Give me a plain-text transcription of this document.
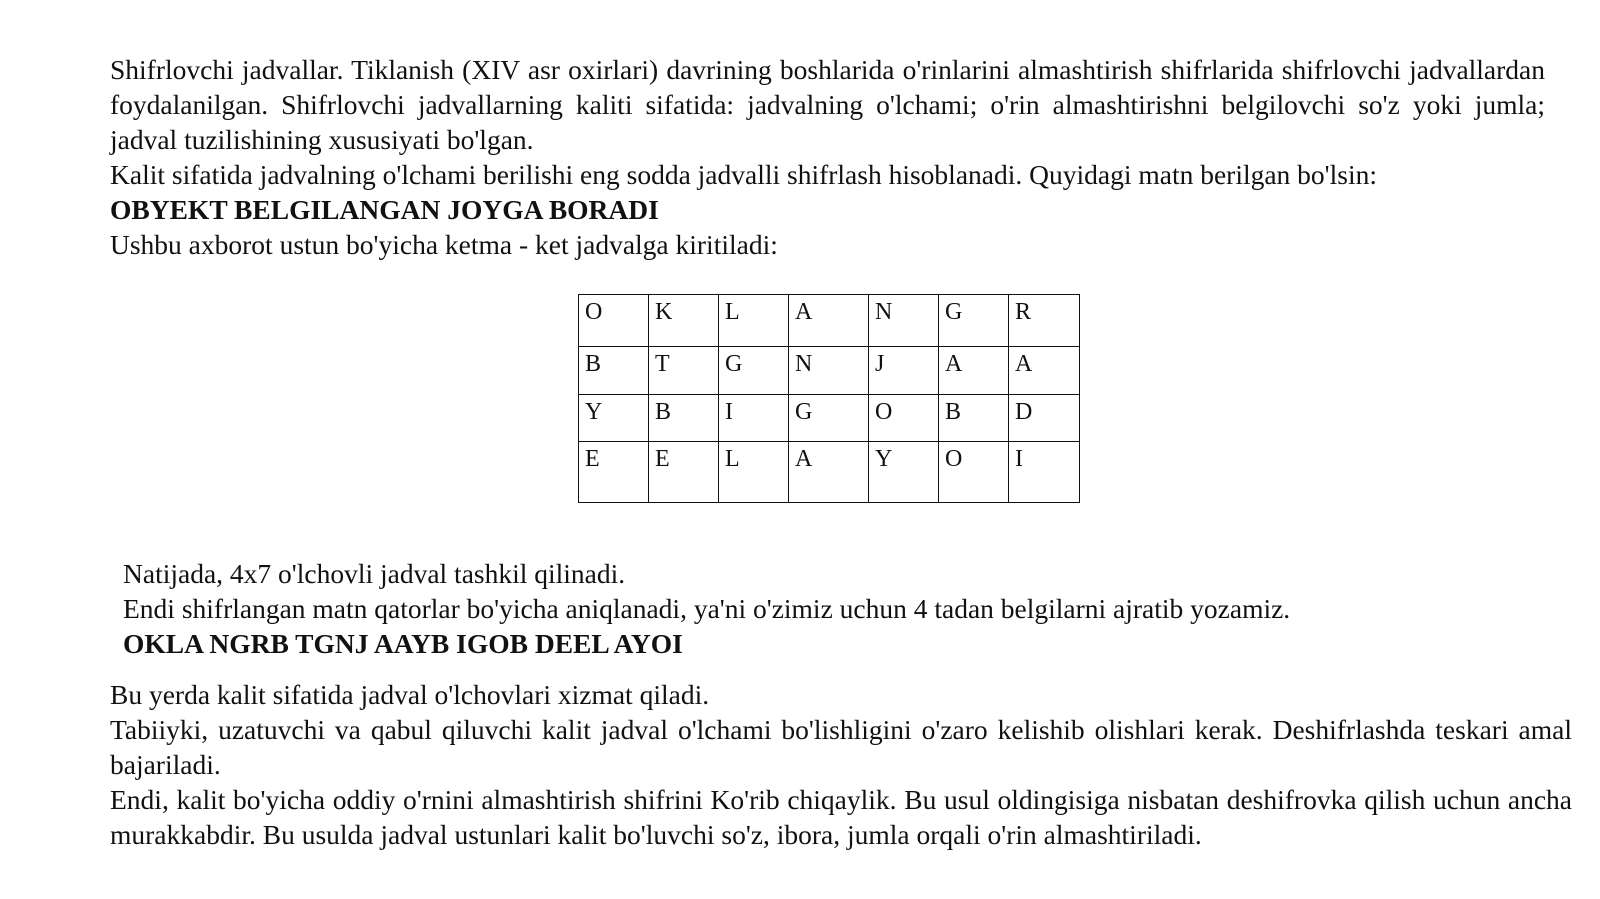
Shifrlovchi jadvallar. Tiklanish (XIV asr oxirlari) davrining boshlarida o'rinlarini almashtirish shifrlarida shifrlovchi jadvallardan foydalanilgan. Shifrlovchi jadvallarning kaliti sifatida: jadvalning o'lchami; o'rin almashtirishni belgilovchi so'z yoki jumla; jadval tuzilishining xususiyati bo'lgan.

Kalit sifatida jadvalning o'lchami berilishi eng sodda jadvalli shifrlash hisoblanadi. Quyidagi matn berilgan bo'lsin:

OBYEKT BELGILANGAN JOYGA BORADI

Ushbu axborot ustun bo'yicha ketma - ket jadvalga kiritiladi:

O	K	L	A	N	G	R
B	T	G	N	J	A	A
Y	B	I	G	O	B	D
E	E	L	A	Y	O	I

Natijada, 4x7 o'lchovli jadval tashkil qilinadi.

Endi shifrlangan matn qatorlar bo'yicha aniqlanadi, ya'ni o'zimiz uchun 4 tadan belgilarni ajratib yozamiz.

OKLA NGRB TGNJ AAYB IGOB DEEL AYOI

Bu yerda kalit sifatida jadval o'lchovlari xizmat qiladi.

Tabiiyki, uzatuvchi va qabul qiluvchi kalit jadval o'lchami bo'lishligini o'zaro kelishib olishlari kerak. Deshifrlashda teskari amal bajariladi.

Endi, kalit bo'yicha oddiy o'rnini almashtirish shifrini Ko'rib chiqaylik. Bu usul oldingisiga nisbatan deshifrovka qilish uchun ancha murakkabdir. Bu usulda jadval ustunlari kalit bo'luvchi so'z, ibora, jumla orqali o'rin almashtiriladi.
